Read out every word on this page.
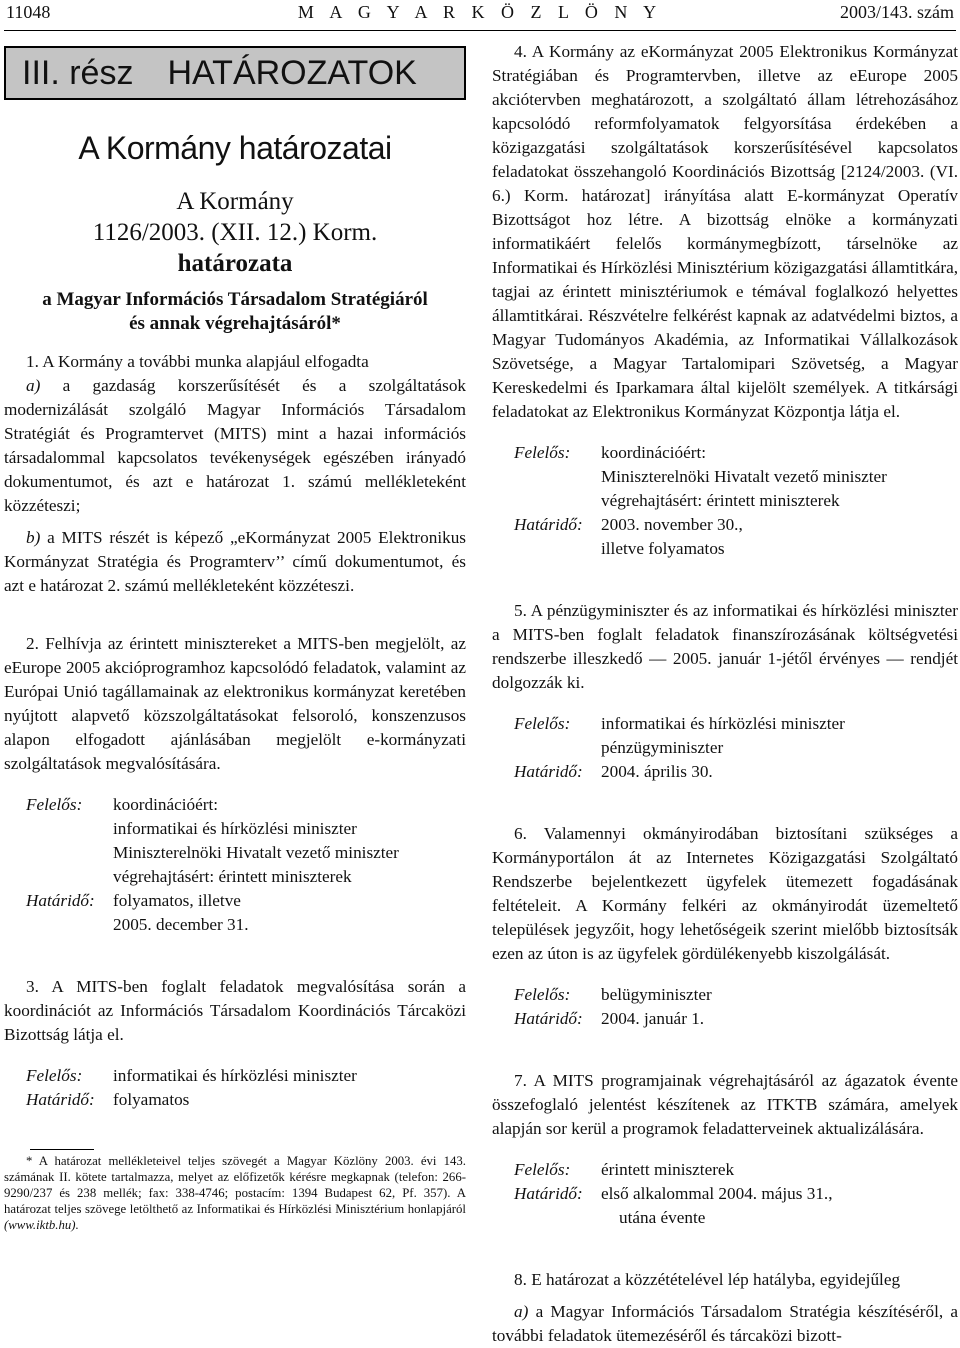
11048	M A G Y A R K Ö Z L Ö N Y	2003/143. szám
III. rész HATÁROZATOK
A Kormány határozatai
A Kormány
1126/2003. (XII. 12.) Korm.
határozata
a Magyar Információs Társadalom Stratégiáról
és annak végrehajtásáról*

1. A Kormány a további munka alapjául elfogadta

a) a gazdaság korszerűsítését és a szolgáltatások modernizálását szolgáló Magyar Információs Társadalom Stratégiát és Programtervet (MITS) mint a hazai információs társadalommal kapcsolatos tevékenységek egészében irányadó dokumentumot, és azt e határozat 1. számú mellékleteként közzéteszi;

b) a MITS részét is képező „eKormányzat 2005 Elektronikus Kormányzat Stratégia és Programterv’’ című dokumentumot, és azt e határozat 2. számú mellékleteként közzéteszi.

2. Felhívja az érintett minisztereket a MITS-ben megjelölt, az eEurope 2005 akcióprogramhoz kapcsolódó feladatok, valamint az Európai Unió tagállamainak az elektronikus kormányzat keretében nyújtott alapvető közszolgáltatásokat felsoroló, konszenzusos alapon elfogadott ajánlásában megjelölt e-kormányzati szolgáltatások megvalósítására.

Felelős:	koordinációért:
informatikai és hírközlési miniszter
Miniszterelnöki Hivatalt vezető miniszter
végrehajtásért: érintett miniszterek
Határidő:	folyamatos, illetve
2005. december 31.

3. A MITS-ben foglalt feladatok megvalósítása során a koordinációt az Információs Társadalom Koordinációs Tárcaközi Bizottság látja el.

Felelős:	informatikai és hírközlési miniszter
Határidő:	folyamatos

* A határozat mellékleteivel teljes szövegét a Magyar Közlöny 2003. évi 143. számának II. kötete tartalmazza, melyet az előfizetők kérésre megkapnak (telefon: 266-9290/237 és 238 mellék; fax: 338-4746; postacím: 1394 Budapest 62, Pf. 357). A határozat teljes szövege letölthető az Informatikai és Hírközlési Minisztérium honlapjáról (www.iktb.hu).

4. A Kormány az eKormányzat 2005 Elektronikus Kormányzat Stratégiában és Programtervben, illetve az eEurope 2005 akciótervben meghatározott, a szolgáltató állam létrehozásához kapcsolódó reformfolyamatok felgyorsítása érdekében a közigazgatási szolgáltatások korszerűsítésével kapcsolatos feladatokat összehangoló Koordinációs Bizottság [2124/2003. (VI. 6.) Korm. határozat] irányítása alatt E-kormányzat Operatív Bizottságot hoz létre. A bizottság elnöke a kormányzati informatikáért felelős kormánymegbízott, társelnöke az Informatikai és Hírközlési Minisztérium közigazgatási államtitkára, tagjai az érintett minisztériumok e témával foglalkozó helyettes államtitkárai. Részvételre felkérést kapnak az adatvédelmi biztos, a Magyar Tudományos Akadémia, az Informatikai Vállalkozások Szövetsége, a Magyar Tartalomipari Szövetség, a Magyar Kereskedelmi és Iparkamara által kijelölt személyek. A titkársági feladatokat az Elektronikus Kormányzat Központja látja el.

Felelős:	koordinációért:
Miniszterelnöki Hivatalt vezető miniszter
végrehajtásért: érintett miniszterek
Határidő:	2003. november 30.,
illetve folyamatos

5. A pénzügyminiszter és az informatikai és hírközlési miniszter a MITS-ben foglalt feladatok finanszírozásának költségvetési rendszerbe illeszkedő — 2005. január 1-jétől érvényes — rendjét dolgozzák ki.

Felelős:	informatikai és hírközlési miniszter
pénzügyminiszter
Határidő:	2004. április 30.

6. Valamennyi okmányirodában biztosítani szükséges a Kormányportálon át az Internetes Közigazgatási Szolgáltató Rendszerbe bejelentkezett ügyfelek ütemezett fogadásának feltételeit. A Kormány felkéri az okmányirodát üzemeltető települések jegyzőit, hogy lehetőségeik szerint mielőbb biztosítsák ezen az úton is az ügyfelek gördülékenyebb kiszolgálását.

Felelős:	belügyminiszter
Határidő:	2004. január 1.

7. A MITS programjainak végrehajtásáról az ágazatok évente összefoglaló jelentést készítenek az ITKTB számára, amelyek alapján sor kerül a programok feladatterveinek aktualizálására.

Felelős:	érintett miniszterek
Határidő:	első alkalommal 2004. május 31.,
utána évente

8. E határozat a közzétételével lép hatályba, egyidejűleg

a) a Magyar Információs Társadalom Stratégia készítéséről, a további feladatok ütemezéséről és tárcaközi bizott-
